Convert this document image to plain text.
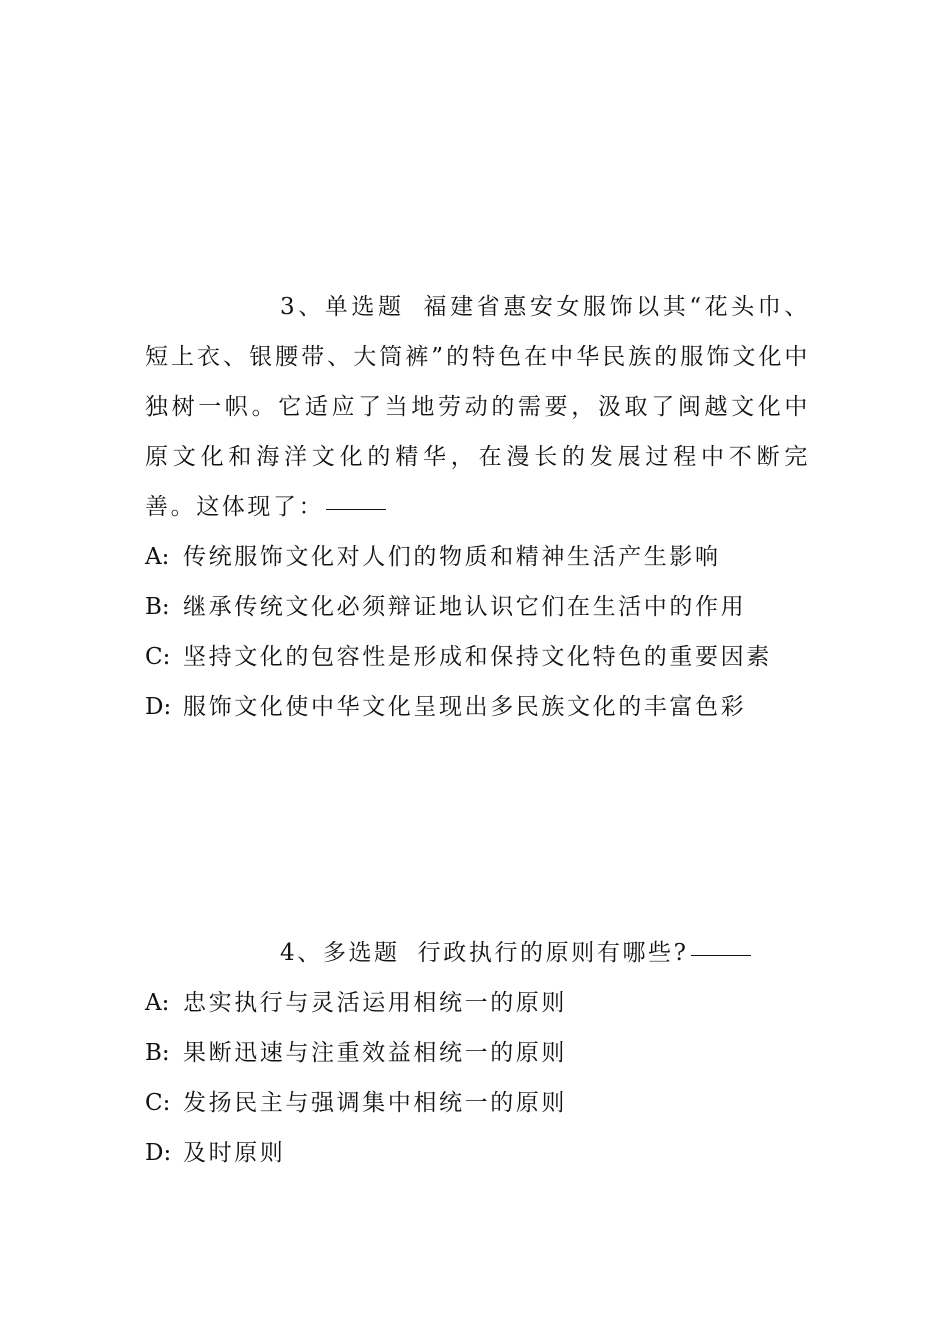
3、单选题 福建省惠安女服饰以其“花头巾、短上衣、银腰带、大筒裤”的特色在中华民族的服饰文化中独树一帜。它适应了当地劳动的需要，汲取了闽越文化中原文化和海洋文化的精华，在漫长的发展过程中不断完善。这体现了：

A: 传统服饰文化对人们的物质和精神生活产生影响
B: 继承传统文化必须辩证地认识它们在生活中的作用
C: 坚持文化的包容性是形成和保持文化特色的重要因素
D: 服饰文化使中华文化呈现出多民族文化的丰富色彩

4、多选题 行政执行的原则有哪些?

A: 忠实执行与灵活运用相统一的原则
B: 果断迅速与注重效益相统一的原则
C: 发扬民主与强调集中相统一的原则
D: 及时原则
